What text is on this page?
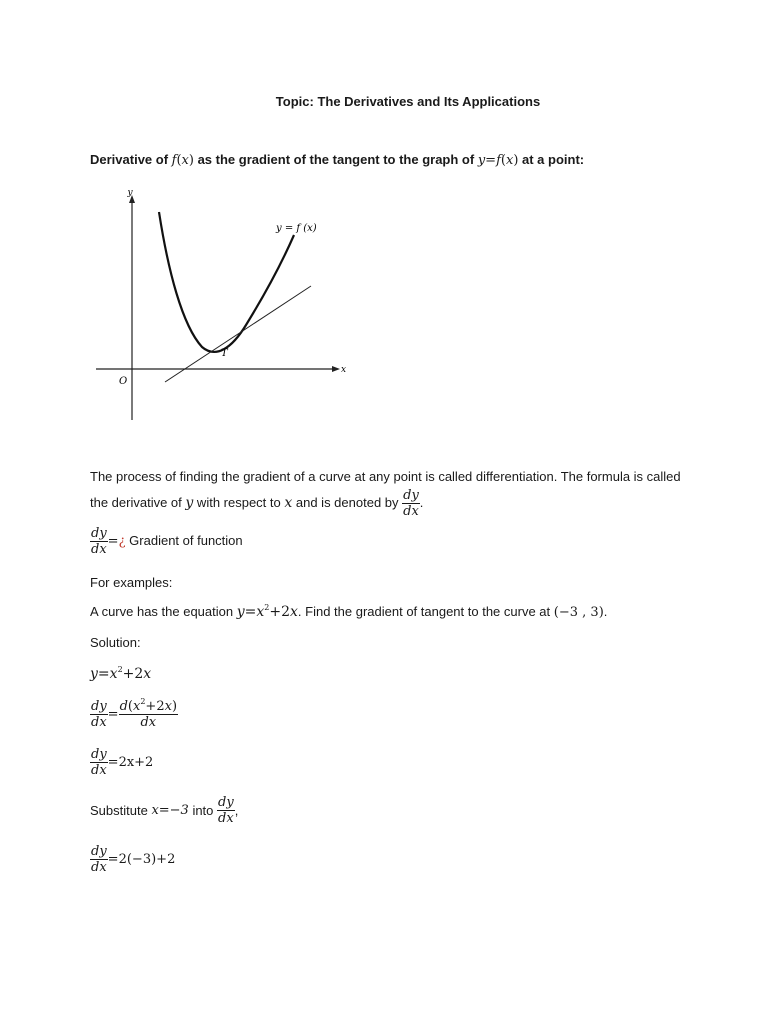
Topic: The Derivatives and Its Applications
Derivative of f(x) as the gradient of the tangent to the graph of y=f(x) at a point:
y
x
O
T
y = f (x)
The process of finding the gradient of a curve at any point is called differentiation. The formula is called
the derivative of y with respect to x and is denoted by $\frac{dy}{dx}$ .
$\frac{dy}{dx}$ =¿ Gradient of function
For examples:
A curve has the equation $y=x^2+2x$. Find the gradient of tangent to the curve at (−3 , 3).
Solution:
$y=x^2+2x$
$\frac{dy}{dx} = \frac{d(x^2+2x)}{dx}$
$\frac{dy}{dx} =2x+2$
Substitute x=−3 into $\frac{dy}{dx}$ ,
$\frac{dy}{dx} =2(-3)+2$
